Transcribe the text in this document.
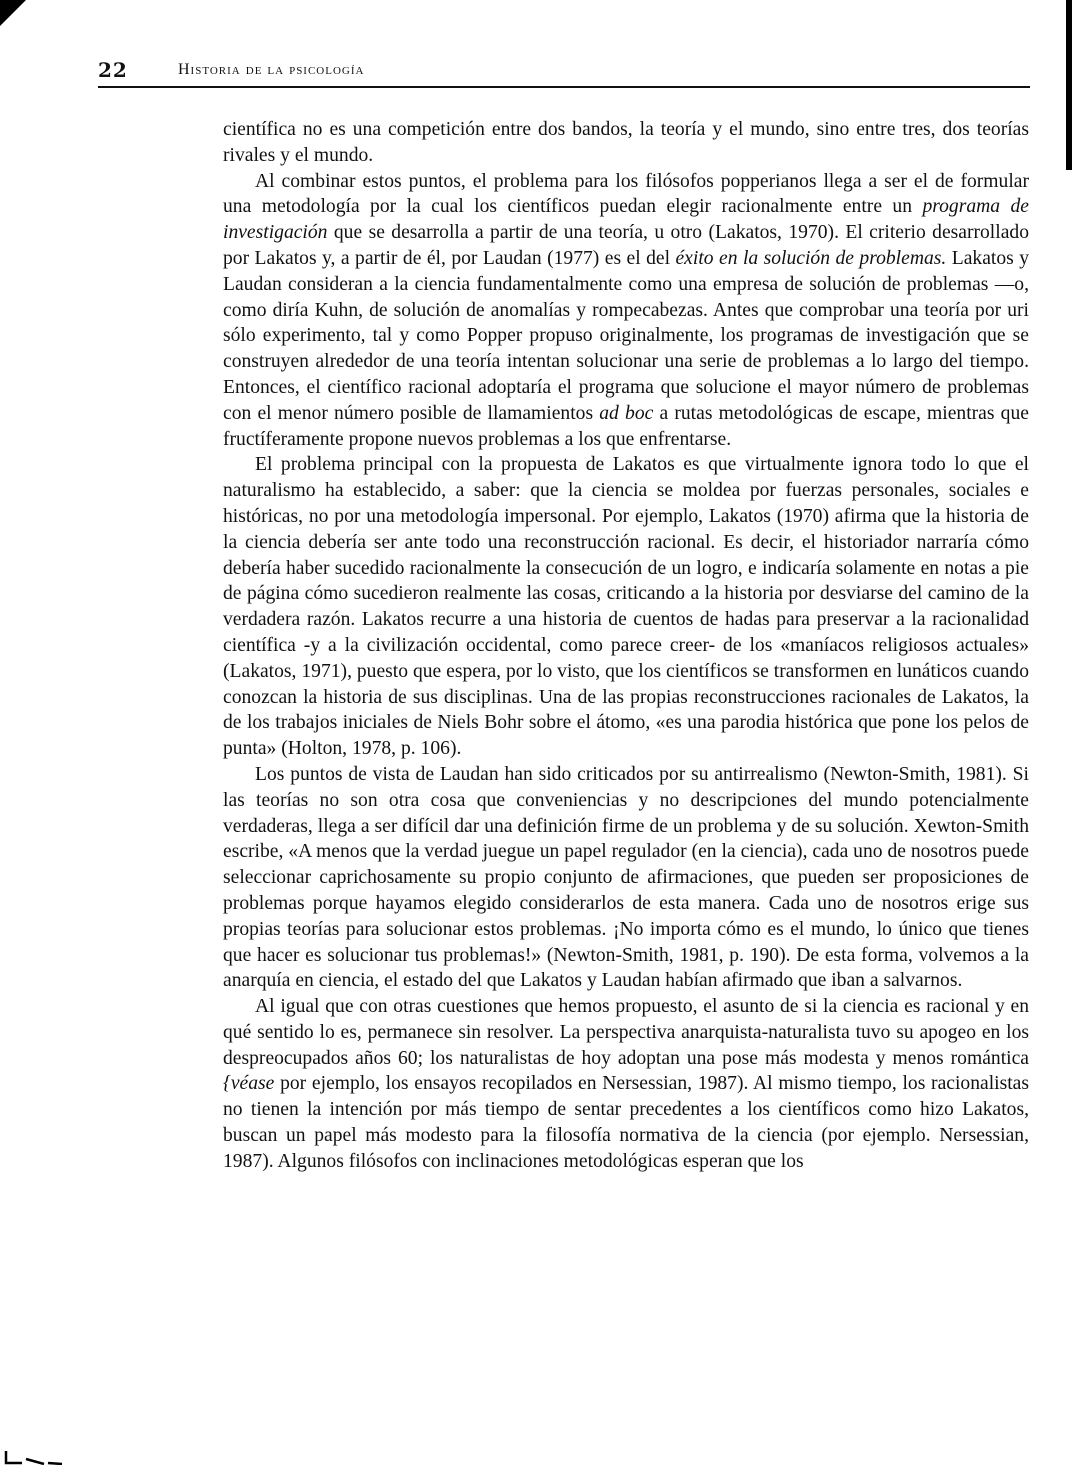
22	Historia de la psicología

científica no es una competición entre dos bandos, la teoría y el mundo, sino entre tres, dos teorías rivales y el mundo.

Al combinar estos puntos, el problema para los filósofos popperianos llega a ser el de formular una metodología por la cual los científicos puedan elegir racionalmente entre un programa de investigación que se desarrolla a partir de una teoría, u otro (Lakatos, 1970). El criterio desarrollado por Lakatos y, a partir de él, por Laudan (1977) es el del éxito en la solución de problemas. Lakatos y Laudan consideran a la ciencia fundamentalmente como una empresa de solución de problemas —o, como diría Kuhn, de solución de anomalías y rompecabezas. Antes que comprobar una teoría por uri sólo experimento, tal y como Popper propuso originalmente, los programas de investigación que se construyen alrededor de una teoría intentan solucionar una serie de problemas a lo largo del tiempo. Entonces, el científico racional adoptaría el programa que solucione el mayor número de problemas con el menor número posible de llamamientos ad boc a rutas metodológicas de escape, mientras que fructíferamente propone nuevos problemas a los que enfrentarse.

El problema principal con la propuesta de Lakatos es que virtualmente ignora todo lo que el naturalismo ha establecido, a saber: que la ciencia se moldea por fuerzas personales, sociales e históricas, no por una metodología impersonal. Por ejemplo, Lakatos (1970) afirma que la historia de la ciencia debería ser ante todo una reconstrucción racional. Es decir, el historiador narraría cómo debería haber sucedido racionalmente la consecución de un logro, e indicaría solamente en notas a pie de página cómo sucedieron realmente las cosas, criticando a la historia por desviarse del camino de la verdadera razón. Lakatos recurre a una historia de cuentos de hadas para preservar a la racionalidad científica -y a la civilización occidental, como parece creer- de los «maníacos religiosos actuales» (Lakatos, 1971), puesto que espera, por lo visto, que los científicos se transformen en lunáticos cuando conozcan la historia de sus disciplinas. Una de las propias reconstrucciones racionales de Lakatos, la de los trabajos iniciales de Niels Bohr sobre el átomo, «es una parodia histórica que pone los pelos de punta» (Holton, 1978, p. 106).

Los puntos de vista de Laudan han sido criticados por su antirrealismo (Newton-Smith, 1981). Si las teorías no son otra cosa que conveniencias y no descripciones del mundo potencialmente verdaderas, llega a ser difícil dar una definición firme de un problema y de su solución. Xewton-Smith escribe, «A menos que la verdad juegue un papel regulador (en la ciencia), cada uno de nosotros puede seleccionar caprichosamente su propio conjunto de afirmaciones, que pueden ser proposiciones de problemas porque hayamos elegido considerarlos de esta manera. Cada uno de nosotros erige sus propias teorías para solucionar estos problemas. ¡No importa cómo es el mundo, lo único que tienes que hacer es solucionar tus problemas!» (Newton-Smith, 1981, p. 190). De esta forma, volvemos a la anarquía en ciencia, el estado del que Lakatos y Laudan habían afirmado que iban a salvarnos.

Al igual que con otras cuestiones que hemos propuesto, el asunto de si la ciencia es racional y en qué sentido lo es, permanece sin resolver. La perspectiva anarquista-naturalista tuvo su apogeo en los despreocupados años 60; los naturalistas de hoy adoptan una pose más modesta y menos romántica {véase por ejemplo, los ensayos recopilados en Nersessian, 1987). Al mismo tiempo, los racionalistas no tienen la intención por más tiempo de sentar precedentes a los científicos como hizo Lakatos, buscan un papel más modesto para la filosofía normativa de la ciencia (por ejemplo. Nersessian, 1987). Algunos filósofos con inclinaciones metodológicas esperan que los
